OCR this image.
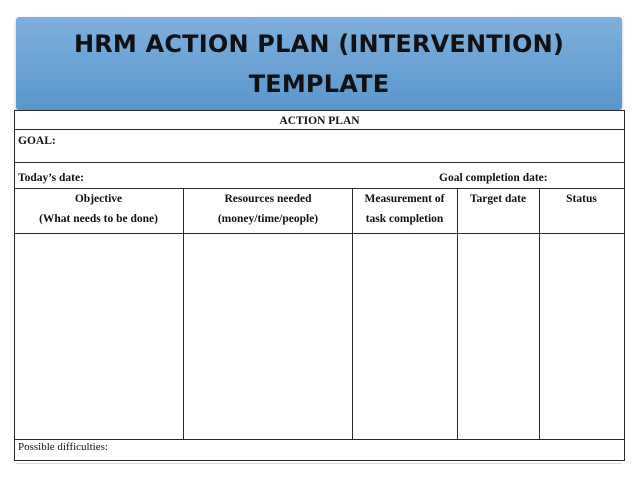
HRM ACTION PLAN (INTERVENTION)
TEMPLATE
ACTION PLAN
GOAL:
Today’s date:	Goal completion date:
Objective
(What needs to be done)
Resources needed
(money/time/people)
Measurement of
task completion
Target date	Status
Possible difficulties:
